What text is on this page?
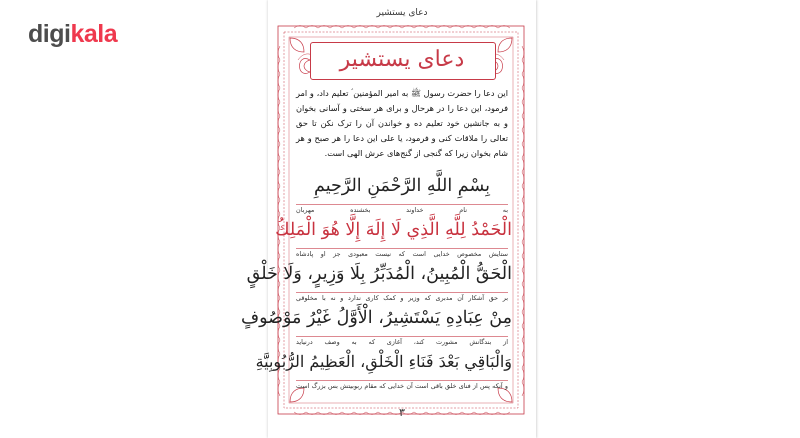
digikala
دعای یستشیر
دعای یستشیر
این دعا را حضرت رسول ﷺ به امیر المؤمنین ؑ تعلیم داد، و امر فرمود، این دعا را در هرحال و برای هر سختی و آسانی بخوان و به جانشین خود تعلیم ده و خواندن آن را ترک نکن تا حق تعالی را ملاقات کنی و فرمود، یا علی این دعا را هر صبح و هر شام بخوان زیرا که گنجی از گنج‌های عرش الهی است.
بِسْمِ اللَّهِ الرَّحْمَنِ الرَّحِيمِ
به نام خداوند بخشنده مهربان
الْحَمْدُ لِلَّهِ الَّذِي لَا إِلَهَ إِلَّا هُوَ الْمَلِكُ
ستایش مخصوص خدایی است که نیست معبودی جز او پادشاه
الْحَقُّ الْمُبِينُ، الْمُدَبِّرُ بِلَا وَزِيرٍ، وَلَا خَلْقٍ
بر حق آشکار آن مدبری که وزیر و کمک کاری ندارد و نه با مخلوقی
مِنْ عِبَادِهِ يَسْتَشِيرُ، الْأَوَّلُ غَيْرُ مَوْصُوفٍ
از بندگانش مشورت کند، آغازی که به وصف درنیاید
وَالْبَاقِي بَعْدَ فَنَاءِ الْخَلْقِ، الْعَظِيمُ الرُّبُوبِيَّةِ
و آنکه پس از فنای خلق باقی است آن خدایی که مقام ربوبیتش بس بزرگ است
٣
